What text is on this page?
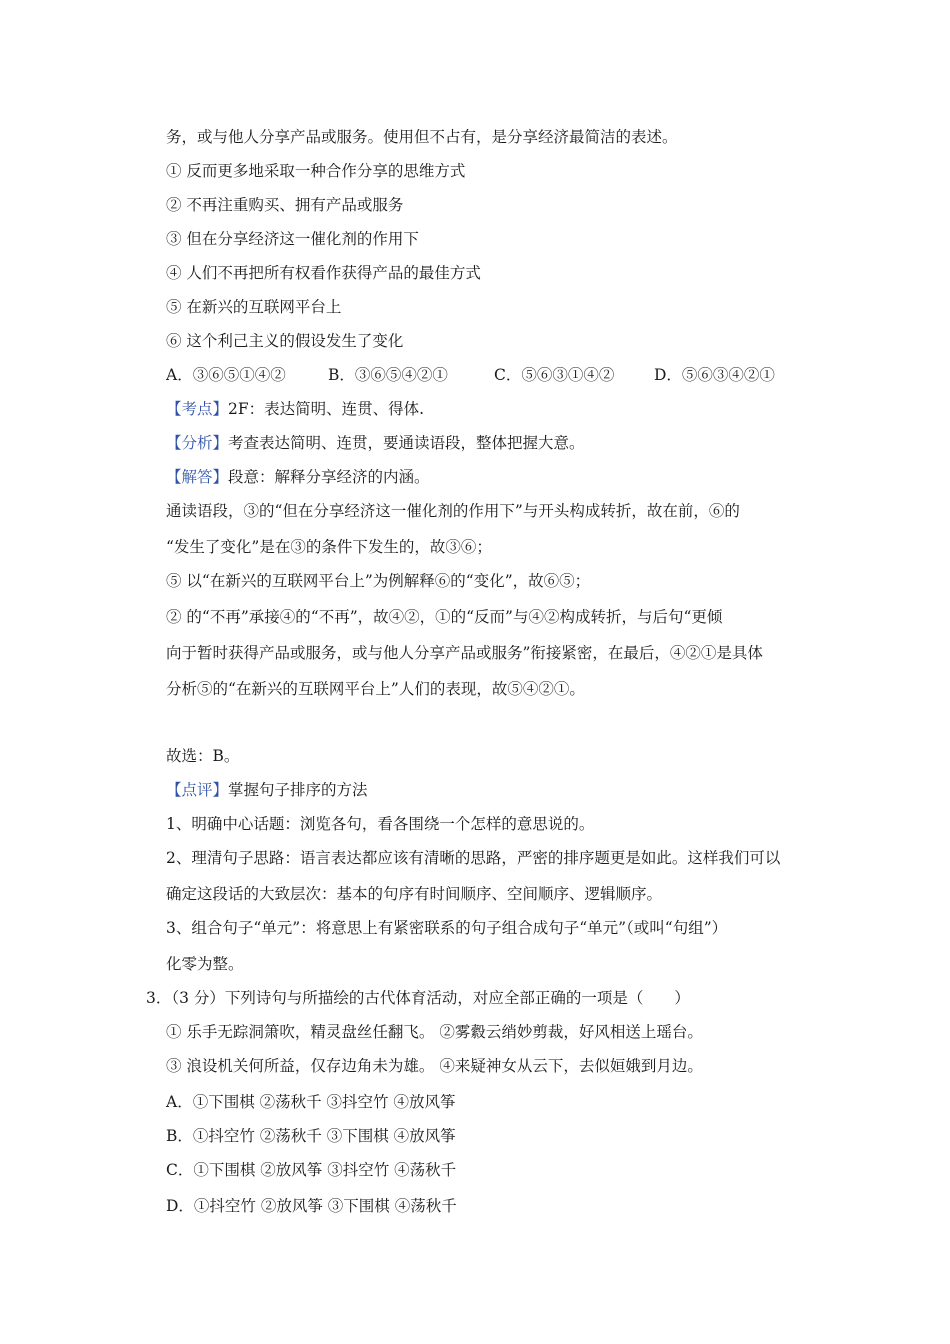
务，或与他人分享产品或服务。使用但不占有，是分享经济最简洁的表述。
① 反而更多地采取一种合作分享的思维方式
② 不再注重购买、拥有产品或服务
③ 但在分享经济这一催化剂的作用下
④ 人们不再把所有权看作获得产品的最佳方式
⑤ 在新兴的互联网平台上
⑥ 这个利己主义的假设发生了变化
A．③⑥⑤①④②	B．③⑥⑤④②①	C．⑤⑥③①④②	D．⑤⑥③④②①
【考点】2F：表达简明、连贯、得体.
【分析】考查表达简明、连贯，要通读语段，整体把握大意。
【解答】段意：解释分享经济的内涵。
通读语段，③的“但在分享经济这一催化剂的作用下”与开头构成转折，故在前，⑥的
“发生了变化”是在③的条件下发生的，故③⑥；
⑤ 以“在新兴的互联网平台上”为例解释⑥的“变化”，故⑥⑤；
② 的“不再”承接④的“不再”，故④②，①的“反而”与④②构成转折，与后句“更倾
向于暂时获得产品或服务，或与他人分享产品或服务”衔接紧密，在最后，④②①是具体
分析⑤的“在新兴的互联网平台上”人们的表现，故⑤④②①。
故选：B。
【点评】掌握句子排序的方法
1、明确中心话题：浏览各句，看各围绕一个怎样的意思说的。
2、理清句子思路：语言表达都应该有清晰的思路，严密的排序题更是如此。这样我们可以
确定这段话的大致层次：基本的句序有时间顺序、空间顺序、逻辑顺序。
3、组合句子“单元”：将意思上有紧密联系的句子组合成句子“单元”（或叫“句组”）
化零为整。
3．（3 分）下列诗句与所描绘的古代体育活动，对应全部正确的一项是（　　）
① 乐手无踪洞箫吹，精灵盘丝任翻飞。 ②雾縠云绡妙剪裁，好风相送上瑶台。
③ 浪设机关何所益，仅存边角未为雄。 ④来疑神女从云下，去似姮娥到月边。
A．①下围棋 ②荡秋千 ③抖空竹 ④放风筝
B．①抖空竹 ②荡秋千 ③下围棋 ④放风筝
C．①下围棋 ②放风筝 ③抖空竹 ④荡秋千
D．①抖空竹 ②放风筝 ③下围棋 ④荡秋千
